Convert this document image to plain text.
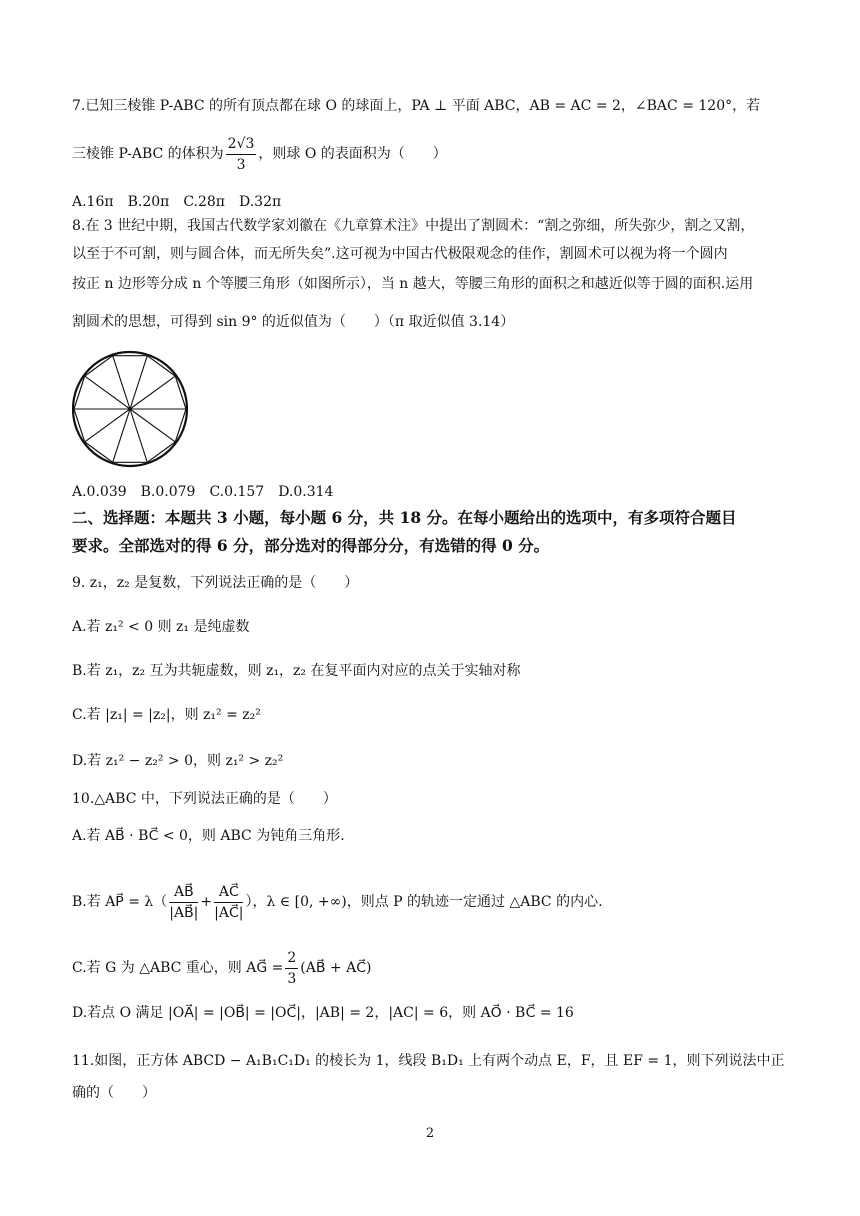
7.已知三棱锥 P-ABC 的所有顶点都在球 O 的球面上，PA ⊥ 平面 ABC，AB = AC = 2，∠BAC = 120°，若
三棱锥 P-ABC 的体积为 $\frac{2√3}{3}$ ，则球 O 的表面积为（　　）
A.16π　B.20π　C.28π　D.32π
8.在 3 世纪中期，我国古代数学家刘徽在《九章算术注》中提出了割圆术：“割之弥细，所失弥少，割之又割，
以至于不可割，则与圆合体，而无所失矣”.这可视为中国古代极限观念的佳作，割圆术可以视为将一个圆内
按正 n 边形等分成 n 个等腰三角形（如图所示），当 n 越大，等腰三角形的面积之和越近似等于圆的面积.运用
割圆术的思想，可得到 sin 9° 的近似值为（　　）（π 取近似值 3.14）
A.0.039　B.0.079　C.0.157　D.0.314
二、选择题：本题共 3 小题，每小题 6 分，共 18 分。在每小题给出的选项中，有多项符合题目
要求。全部选对的得 6 分，部分选对的得部分分，有选错的得 0 分。
9. z₁，z₂ 是复数，下列说法正确的是（　　）
A.若 z₁² < 0 则 z₁ 是纯虚数
B.若 z₁，z₂ 互为共轭虚数，则 z₁，z₂ 在复平面内对应的点关于实轴对称
C.若 |z₁| = |z₂|，则 z₁² = z₂²
D.若 z₁² − z₂² > 0，则 z₁² > z₂²
10.△ABC 中，下列说法正确的是（　　）
A.若 AB⃗ · BC⃗ < 0，则 ABC 为钝角三角形.
B.若 AP⃗ = $\lambda( \frac{AB⃗}{|AB⃗|} + \frac{AC⃗}{|AC⃗|}$ ），λ ∈ [0, +∞)，则点 P 的轨迹一定通过 △ABC 的内心.
C.若 G 为 △ABC 重心，则 AG⃗ = $\frac{2}{3}$ (AB⃗ + AC⃗)
D.若点 O 满足 |OA⃗| = |OB⃗| = |OC⃗|，|AB| = 2，|AC| = 6，则 AO⃗ · BC⃗ = 16
11.如图，正方体 ABCD − A₁B₁C₁D₁ 的棱长为 1，线段 B₁D₁ 上有两个动点 E，F，且 EF = 1，则下列说法中正
确的（　　）
2
